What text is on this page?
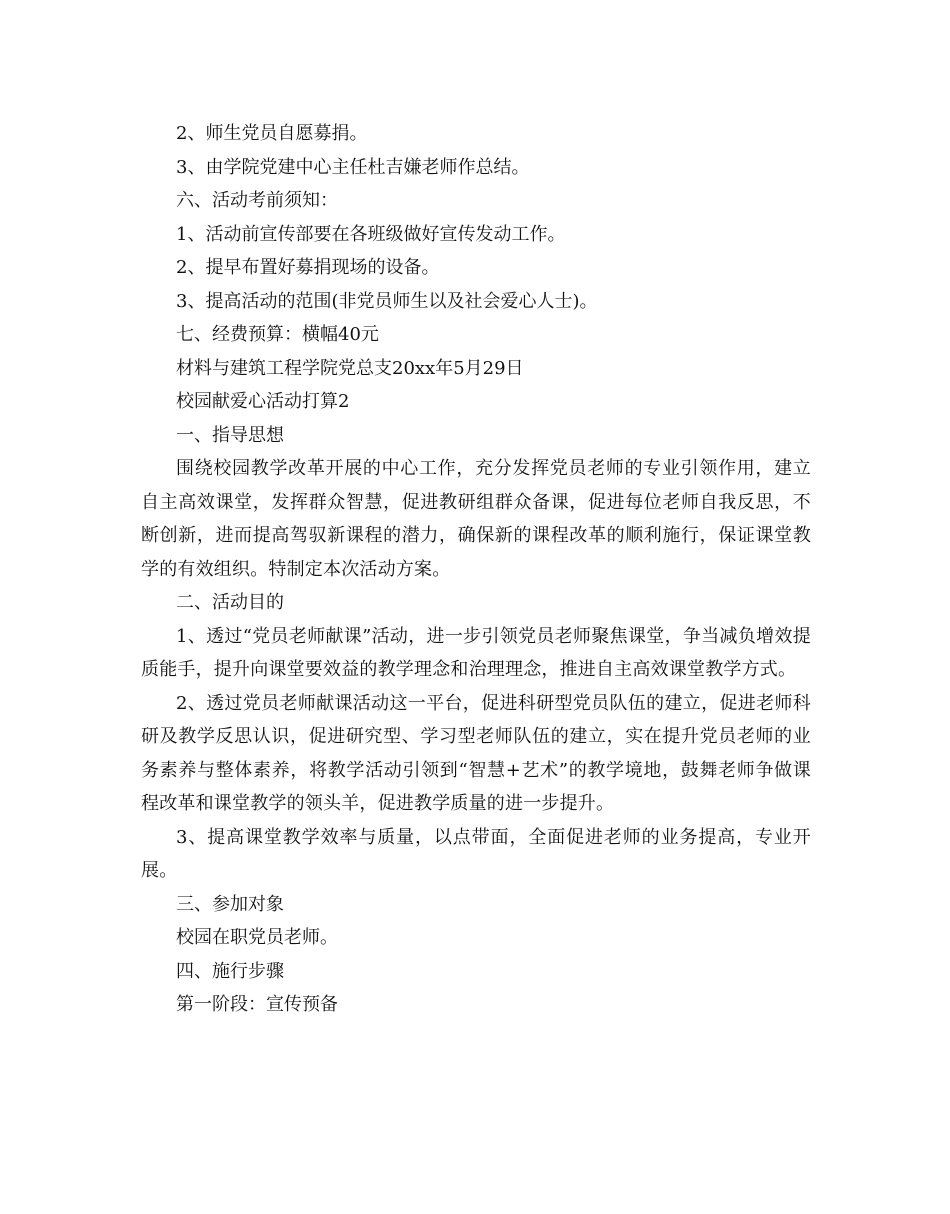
2、师生党员自愿募捐。

3、由学院党建中心主任杜吉嫌老师作总结。

六、活动考前须知：

1、活动前宣传部要在各班级做好宣传发动工作。

2、提早布置好募捐现场的设备。

3、提高活动的范围(非党员师生以及社会爱心人士)。

七、经费预算：横幅40元

材料与建筑工程学院党总支20xx年5月29日

校园献爱心活动打算2

一、指导思想

围绕校园教学改革开展的中心工作，充分发挥党员老师的专业引领作用，建立自主高效课堂，发挥群众智慧，促进教研组群众备课，促进每位老师自我反思，不断创新，进而提高驾驭新课程的潜力，确保新的课程改革的顺利施行，保证课堂教学的有效组织。特制定本次活动方案。

二、活动目的

1、透过“党员老师献课”活动，进一步引领党员老师聚焦课堂，争当减负增效提质能手，提升向课堂要效益的教学理念和治理理念，推进自主高效课堂教学方式。

2、透过党员老师献课活动这一平台，促进科研型党员队伍的建立，促进老师科研及教学反思认识，促进研究型、学习型老师队伍的建立，实在提升党员老师的业务素养与整体素养，将教学活动引领到“智慧+艺术”的教学境地，鼓舞老师争做课程改革和课堂教学的领头羊，促进教学质量的进一步提升。

3、提高课堂教学效率与质量，以点带面，全面促进老师的业务提高，专业开展。

三、参加对象

校园在职党员老师。

四、施行步骤

第一阶段：宣传预备
